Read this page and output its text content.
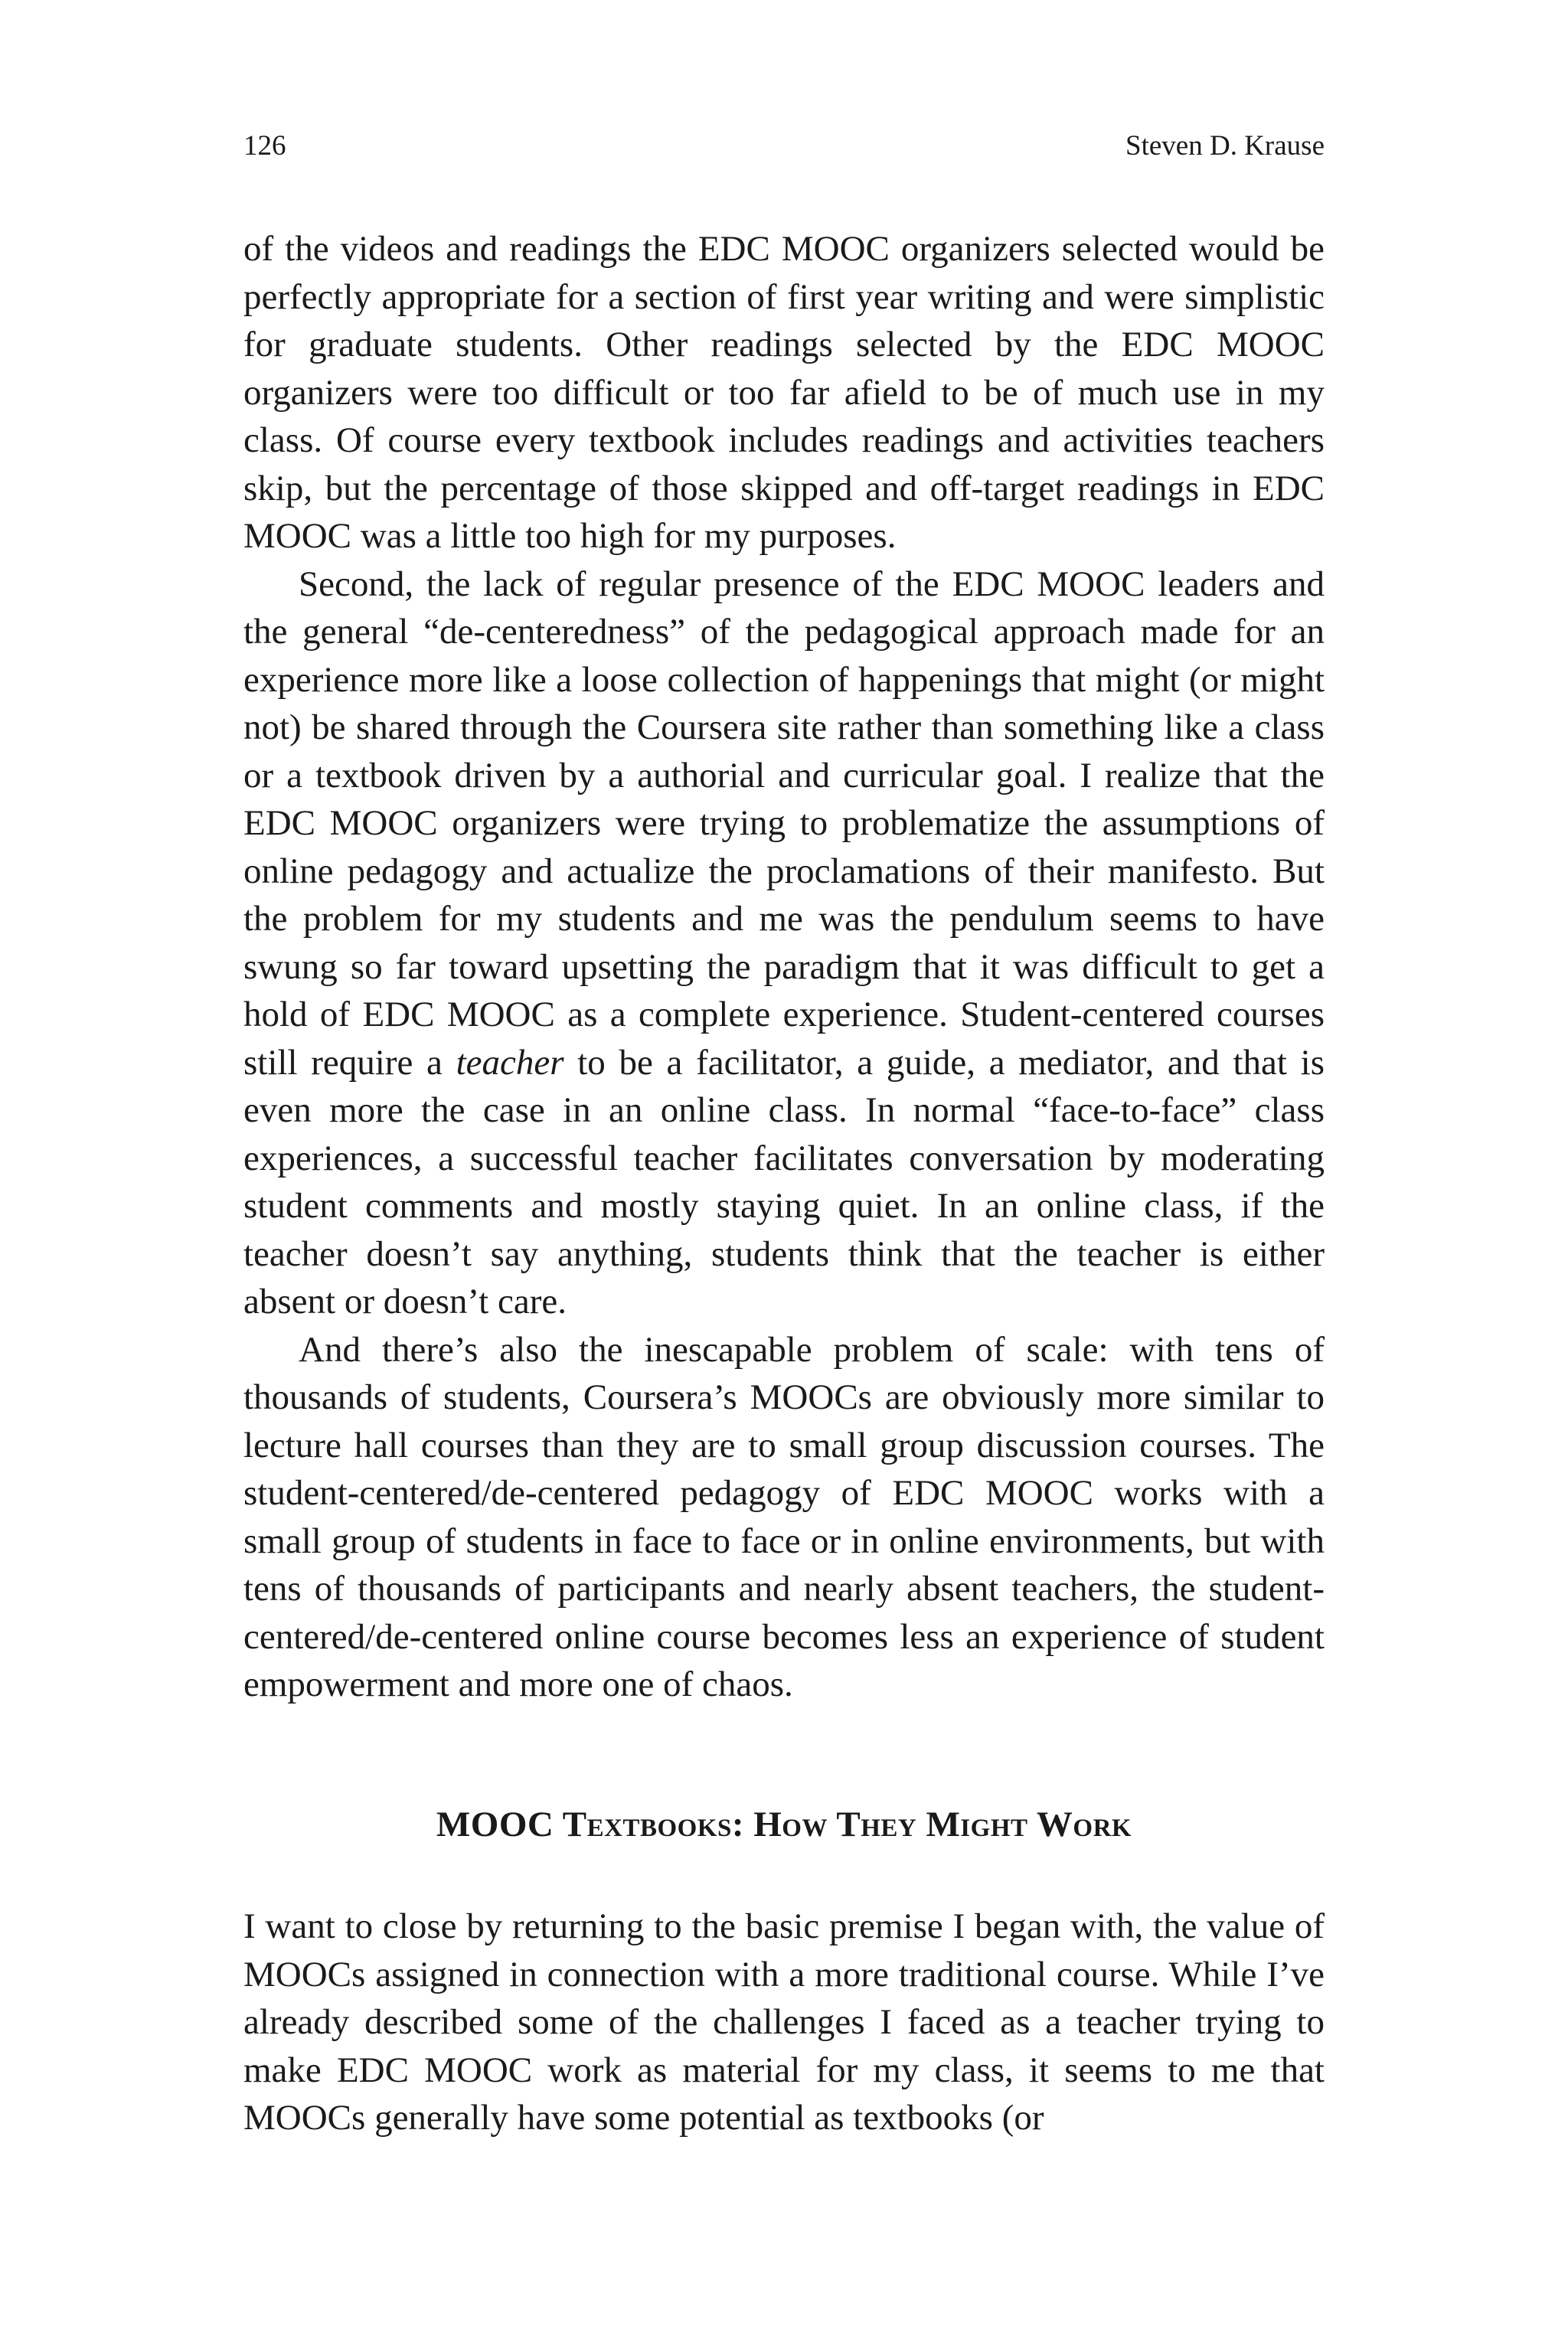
126	Steven D. Krause

of the videos and readings the EDC MOOC organizers selected would be perfectly appropriate for a section of first year writing and were simplistic for graduate students. Other readings selected by the EDC MOOC organizers were too difficult or too far afield to be of much use in my class. Of course every textbook includes readings and activities teachers skip, but the percentage of those skipped and off-target readings in EDC MOOC was a little too high for my purposes.

Second, the lack of regular presence of the EDC MOOC leaders and the general “de-centeredness” of the pedagogical approach made for an experience more like a loose collection of happenings that might (or might not) be shared through the Coursera site rather than something like a class or a textbook driven by a authorial and curricular goal. I realize that the EDC MOOC organizers were trying to problematize the assumptions of online pedagogy and actualize the proclamations of their manifesto. But the problem for my students and me was the pendulum seems to have swung so far toward upsetting the paradigm that it was difficult to get a hold of EDC MOOC as a complete experience. Student-centered courses still require a teacher to be a facilitator, a guide, a mediator, and that is even more the case in an online class. In normal “face-to-face” class experiences, a successful teacher facilitates conversation by moderating student comments and mostly staying quiet. In an online class, if the teacher doesn’t say anything, students think that the teacher is either absent or doesn’t care.

And there’s also the inescapable problem of scale: with tens of thousands of students, Coursera’s MOOCs are obviously more similar to lecture hall courses than they are to small group discussion courses. The student-centered/de-centered pedagogy of EDC MOOC works with a small group of students in face to face or in online environments, but with tens of thousands of participants and nearly absent teachers, the student-centered/de-centered online course becomes less an experience of student empowerment and more one of chaos.

MOOC Textbooks: How They Might Work

I want to close by returning to the basic premise I began with, the value of MOOCs assigned in connection with a more traditional course. While I’ve already described some of the challenges I faced as a teacher trying to make EDC MOOC work as material for my class, it seems to me that MOOCs generally have some potential as textbooks (or
